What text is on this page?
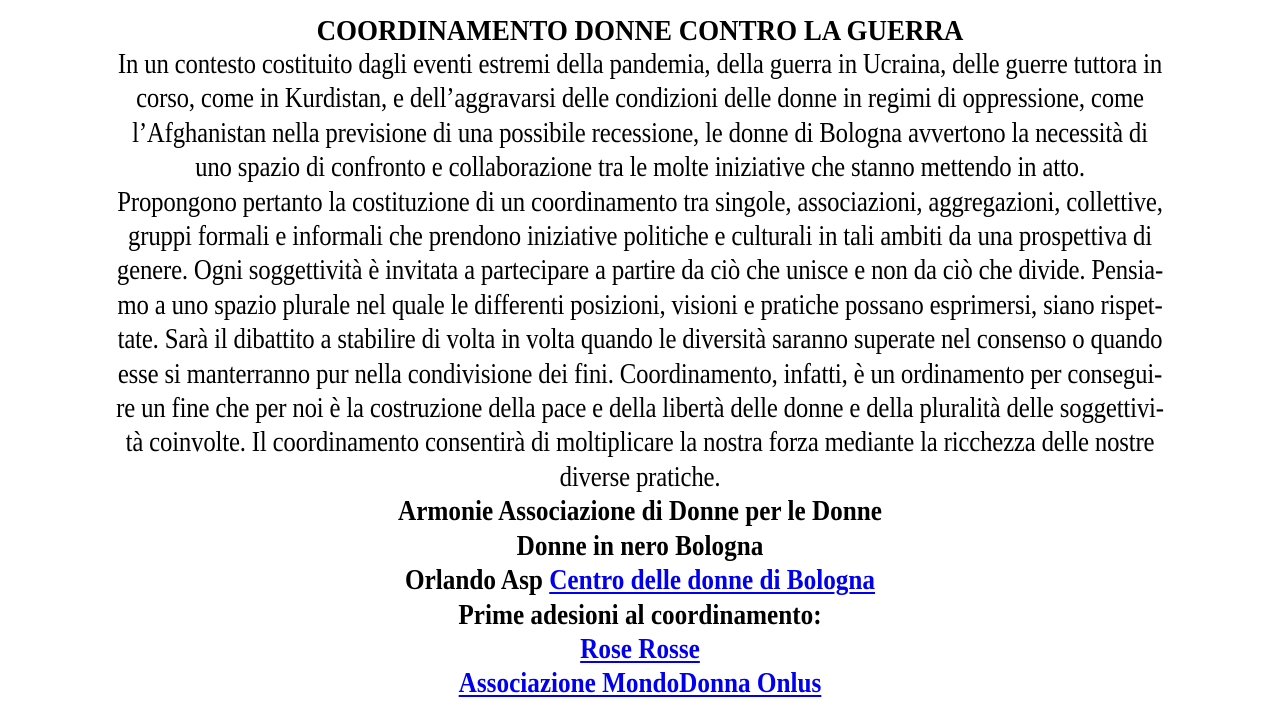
COORDINAMENTO DONNE CONTRO LA GUERRA

In un contesto costituito dagli eventi estremi della pandemia, della guerra in Ucraina, delle guerre tuttora in

corso, come in Kurdistan, e dell’aggravarsi delle condizioni delle donne in regimi di oppressione, come

l’Afghanistan nella previsione di una possibile recessione, le donne di Bologna avvertono la necessità di

uno spazio di confronto e collaborazione tra le molte iniziative che stanno mettendo in atto.

Propongono pertanto la costituzione di un coordinamento tra singole, associazioni, aggregazioni, collettive,

gruppi formali e informali che prendono iniziative politiche e culturali in tali ambiti da una prospettiva di

genere. Ogni soggettività è invitata a partecipare a partire da ciò che unisce e non da ciò che divide. Pensia-

mo a uno spazio plurale nel quale le differenti posizioni, visioni e pratiche possano esprimersi, siano rispet-

tate. Sarà il dibattito a stabilire di volta in volta quando le diversità saranno superate nel consenso o quando

esse si manterranno pur nella condivisione dei fini. Coordinamento, infatti, è un ordinamento per consegui-

re un fine che per noi è la costruzione della pace e della libertà delle donne e della pluralità delle soggettivi-

tà coinvolte. Il coordinamento consentirà di moltiplicare la nostra forza mediante la ricchezza delle nostre

diverse pratiche.

Armonie Associazione di Donne per le Donne

Donne in nero Bologna

Orlando Asp Centro delle donne di Bologna

Prime adesioni al coordinamento:

Rose Rosse

Associazione MondoDonna Onlus
